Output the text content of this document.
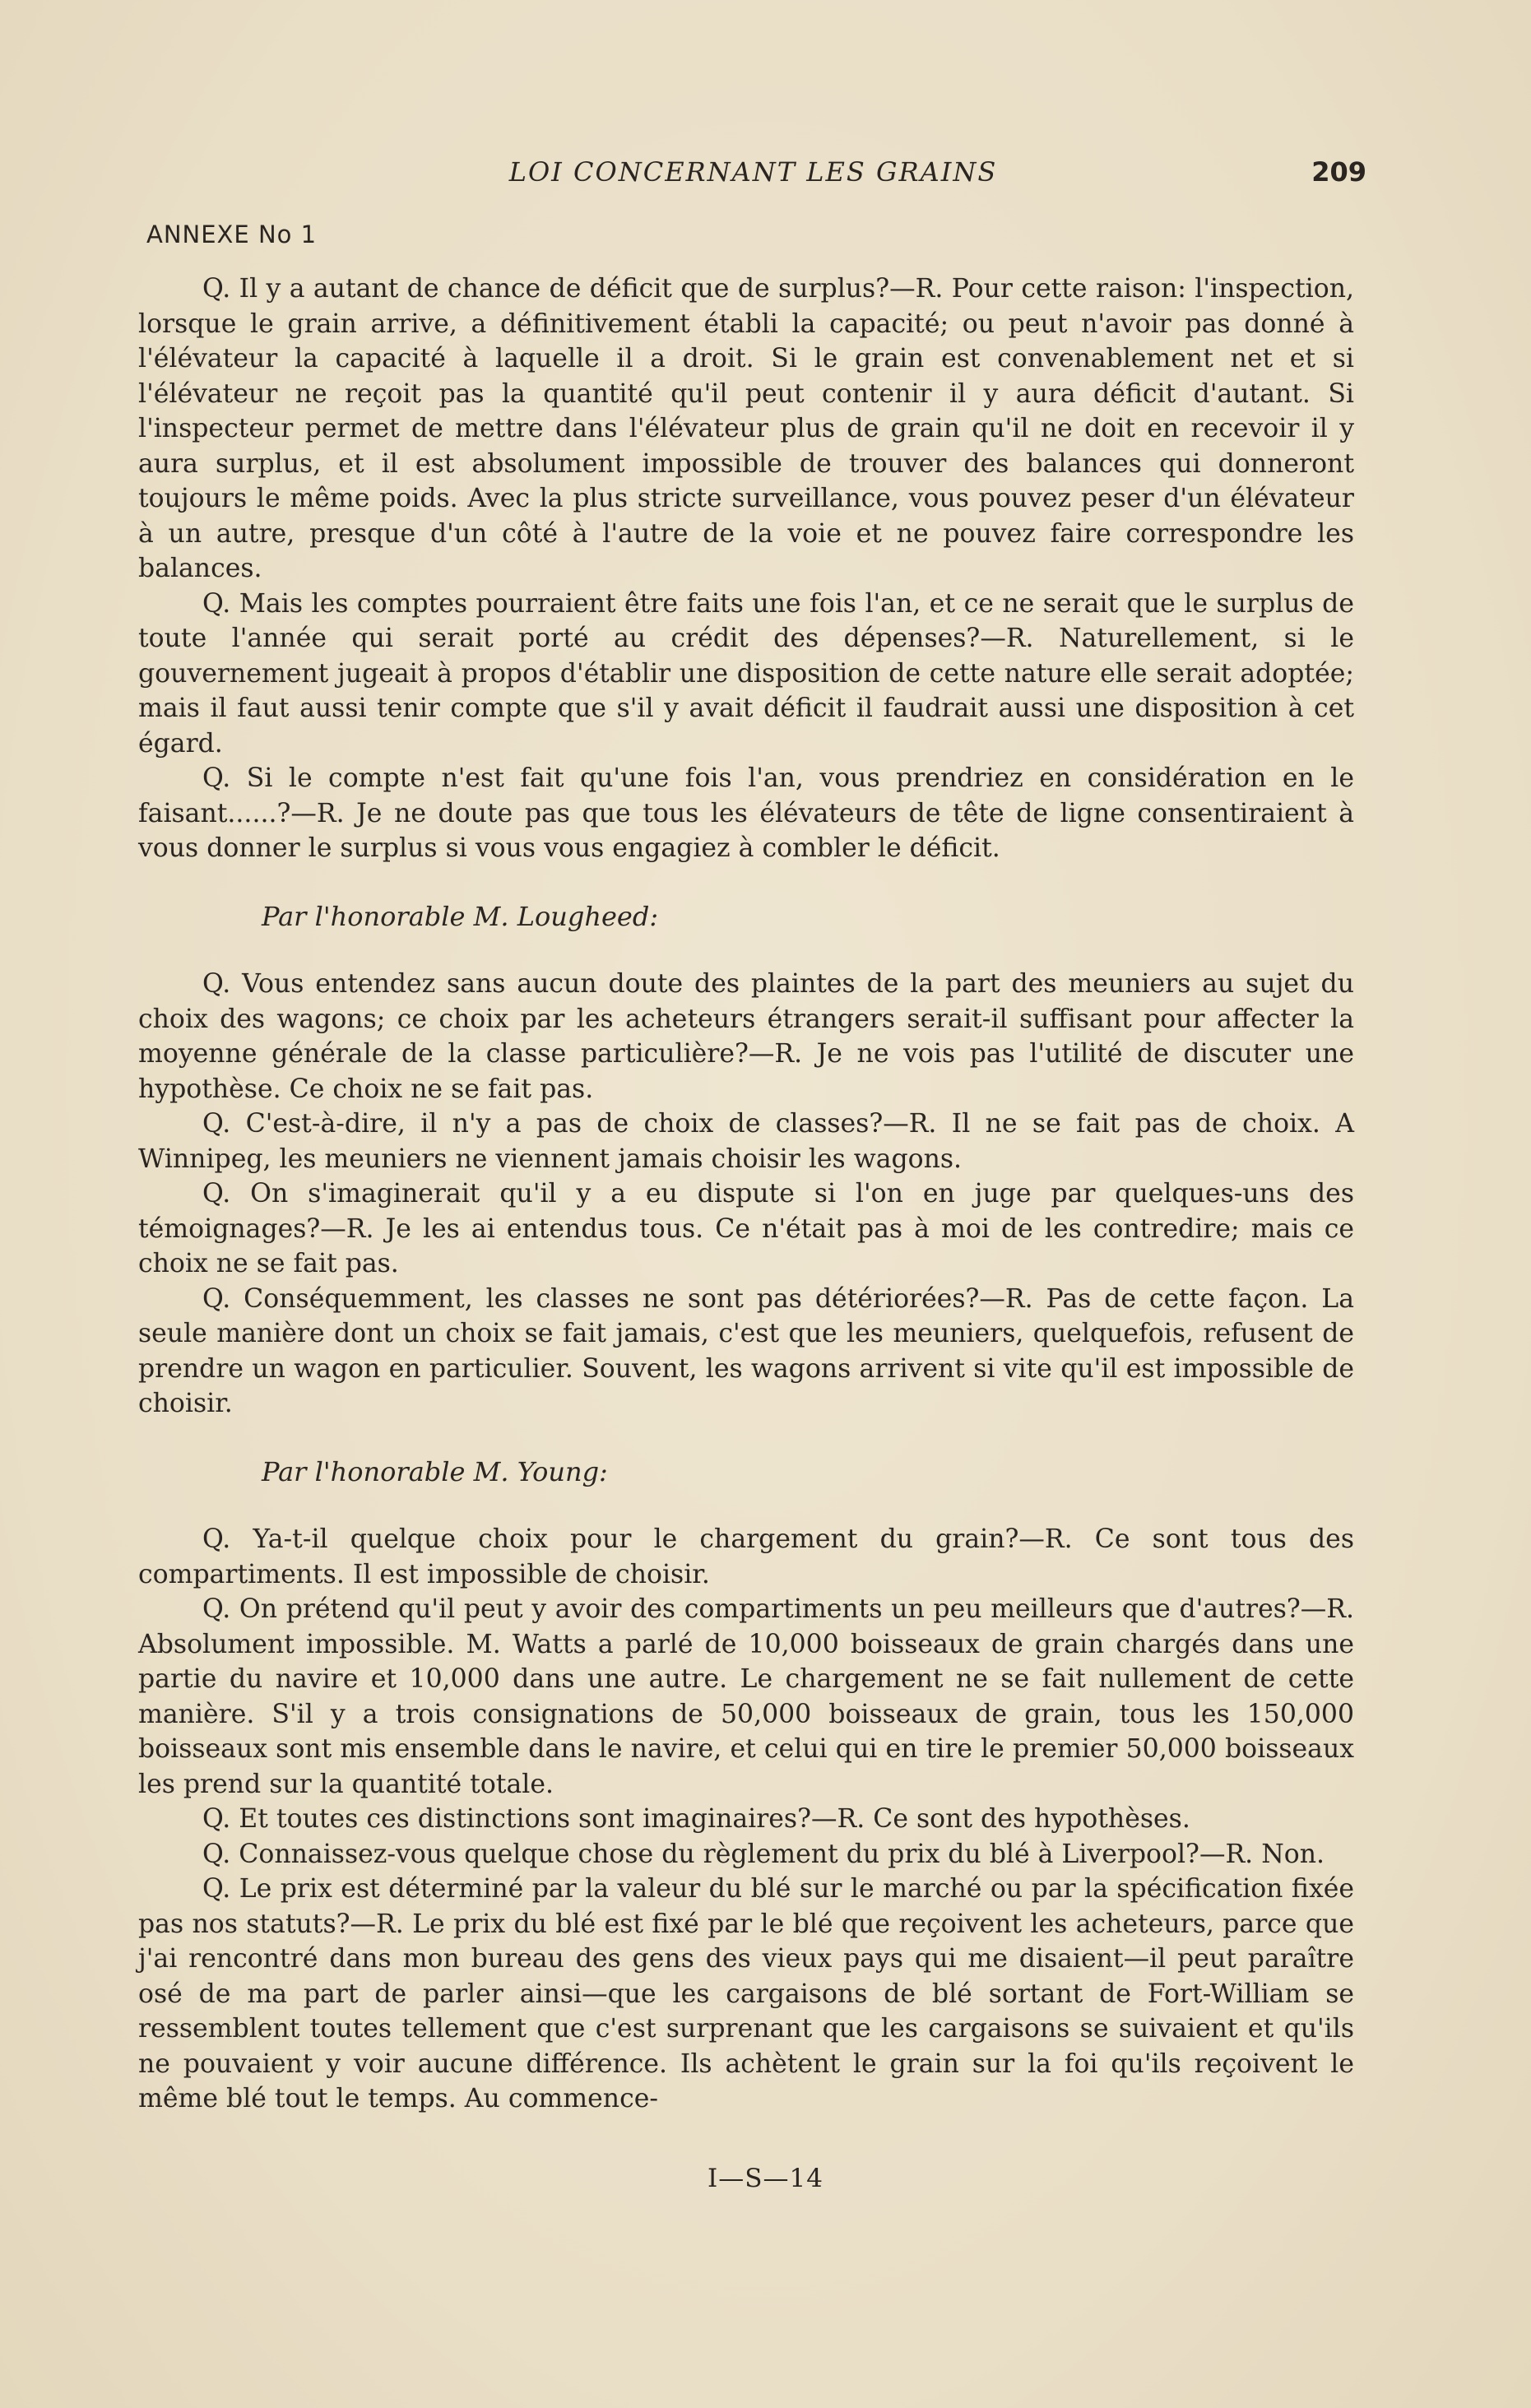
LOI CONCERNANT LES GRAINS	209
ANNEXE No 1

Q. Il y a autant de chance de déficit que de surplus?—R. Pour cette raison: l'inspection, lorsque le grain arrive, a définitivement établi la capacité; ou peut n'avoir pas donné à l'élévateur la capacité à laquelle il a droit. Si le grain est convenablement net et si l'élévateur ne reçoit pas la quantité qu'il peut contenir il y aura déficit d'autant. Si l'inspecteur permet de mettre dans l'élévateur plus de grain qu'il ne doit en recevoir il y aura surplus, et il est absolument impossible de trouver des balances qui donneront toujours le même poids. Avec la plus stricte surveillance, vous pouvez peser d'un élévateur à un autre, presque d'un côté à l'autre de la voie et ne pouvez faire correspondre les balances.

Q. Mais les comptes pourraient être faits une fois l'an, et ce ne serait que le surplus de toute l'année qui serait porté au crédit des dépenses?—R. Naturellement, si le gouvernement jugeait à propos d'établir une disposition de cette nature elle serait adoptée; mais il faut aussi tenir compte que s'il y avait déficit il faudrait aussi une disposition à cet égard.

Q. Si le compte n'est fait qu'une fois l'an, vous prendriez en considération en le faisant......?—R. Je ne doute pas que tous les élévateurs de tête de ligne consentiraient à vous donner le surplus si vous vous engagiez à combler le déficit.

Par l'honorable M. Lougheed:

Q. Vous entendez sans aucun doute des plaintes de la part des meuniers au sujet du choix des wagons; ce choix par les acheteurs étrangers serait-il suffisant pour affecter la moyenne générale de la classe particulière?—R. Je ne vois pas l'utilité de discuter une hypothèse. Ce choix ne se fait pas.

Q. C'est-à-dire, il n'y a pas de choix de classes?—R. Il ne se fait pas de choix. A Winnipeg, les meuniers ne viennent jamais choisir les wagons.

Q. On s'imaginerait qu'il y a eu dispute si l'on en juge par quelques-uns des témoignages?—R. Je les ai entendus tous. Ce n'était pas à moi de les contredire; mais ce choix ne se fait pas.

Q. Conséquemment, les classes ne sont pas détériorées?—R. Pas de cette façon. La seule manière dont un choix se fait jamais, c'est que les meuniers, quelquefois, refusent de prendre un wagon en particulier. Souvent, les wagons arrivent si vite qu'il est impossible de choisir.

Par l'honorable M. Young:

Q. Ya-t-il quelque choix pour le chargement du grain?—R. Ce sont tous des compartiments. Il est impossible de choisir.

Q. On prétend qu'il peut y avoir des compartiments un peu meilleurs que d'autres?—R. Absolument impossible. M. Watts a parlé de 10,000 boisseaux de grain chargés dans une partie du navire et 10,000 dans une autre. Le chargement ne se fait nullement de cette manière. S'il y a trois consignations de 50,000 boisseaux de grain, tous les 150,000 boisseaux sont mis ensemble dans le navire, et celui qui en tire le premier 50,000 boisseaux les prend sur la quantité totale.

Q. Et toutes ces distinctions sont imaginaires?—R. Ce sont des hypothèses.

Q. Connaissez-vous quelque chose du règlement du prix du blé à Liverpool?—R. Non.

Q. Le prix est déterminé par la valeur du blé sur le marché ou par la spécification fixée pas nos statuts?—R. Le prix du blé est fixé par le blé que reçoivent les acheteurs, parce que j'ai rencontré dans mon bureau des gens des vieux pays qui me disaient—il peut paraître osé de ma part de parler ainsi—que les cargaisons de blé sortant de Fort-William se ressemblent toutes tellement que c'est surprenant que les cargaisons se suivaient et qu'ils ne pouvaient y voir aucune différence. Ils achètent le grain sur la foi qu'ils reçoivent le même blé tout le temps. Au commence-

I—S—14
